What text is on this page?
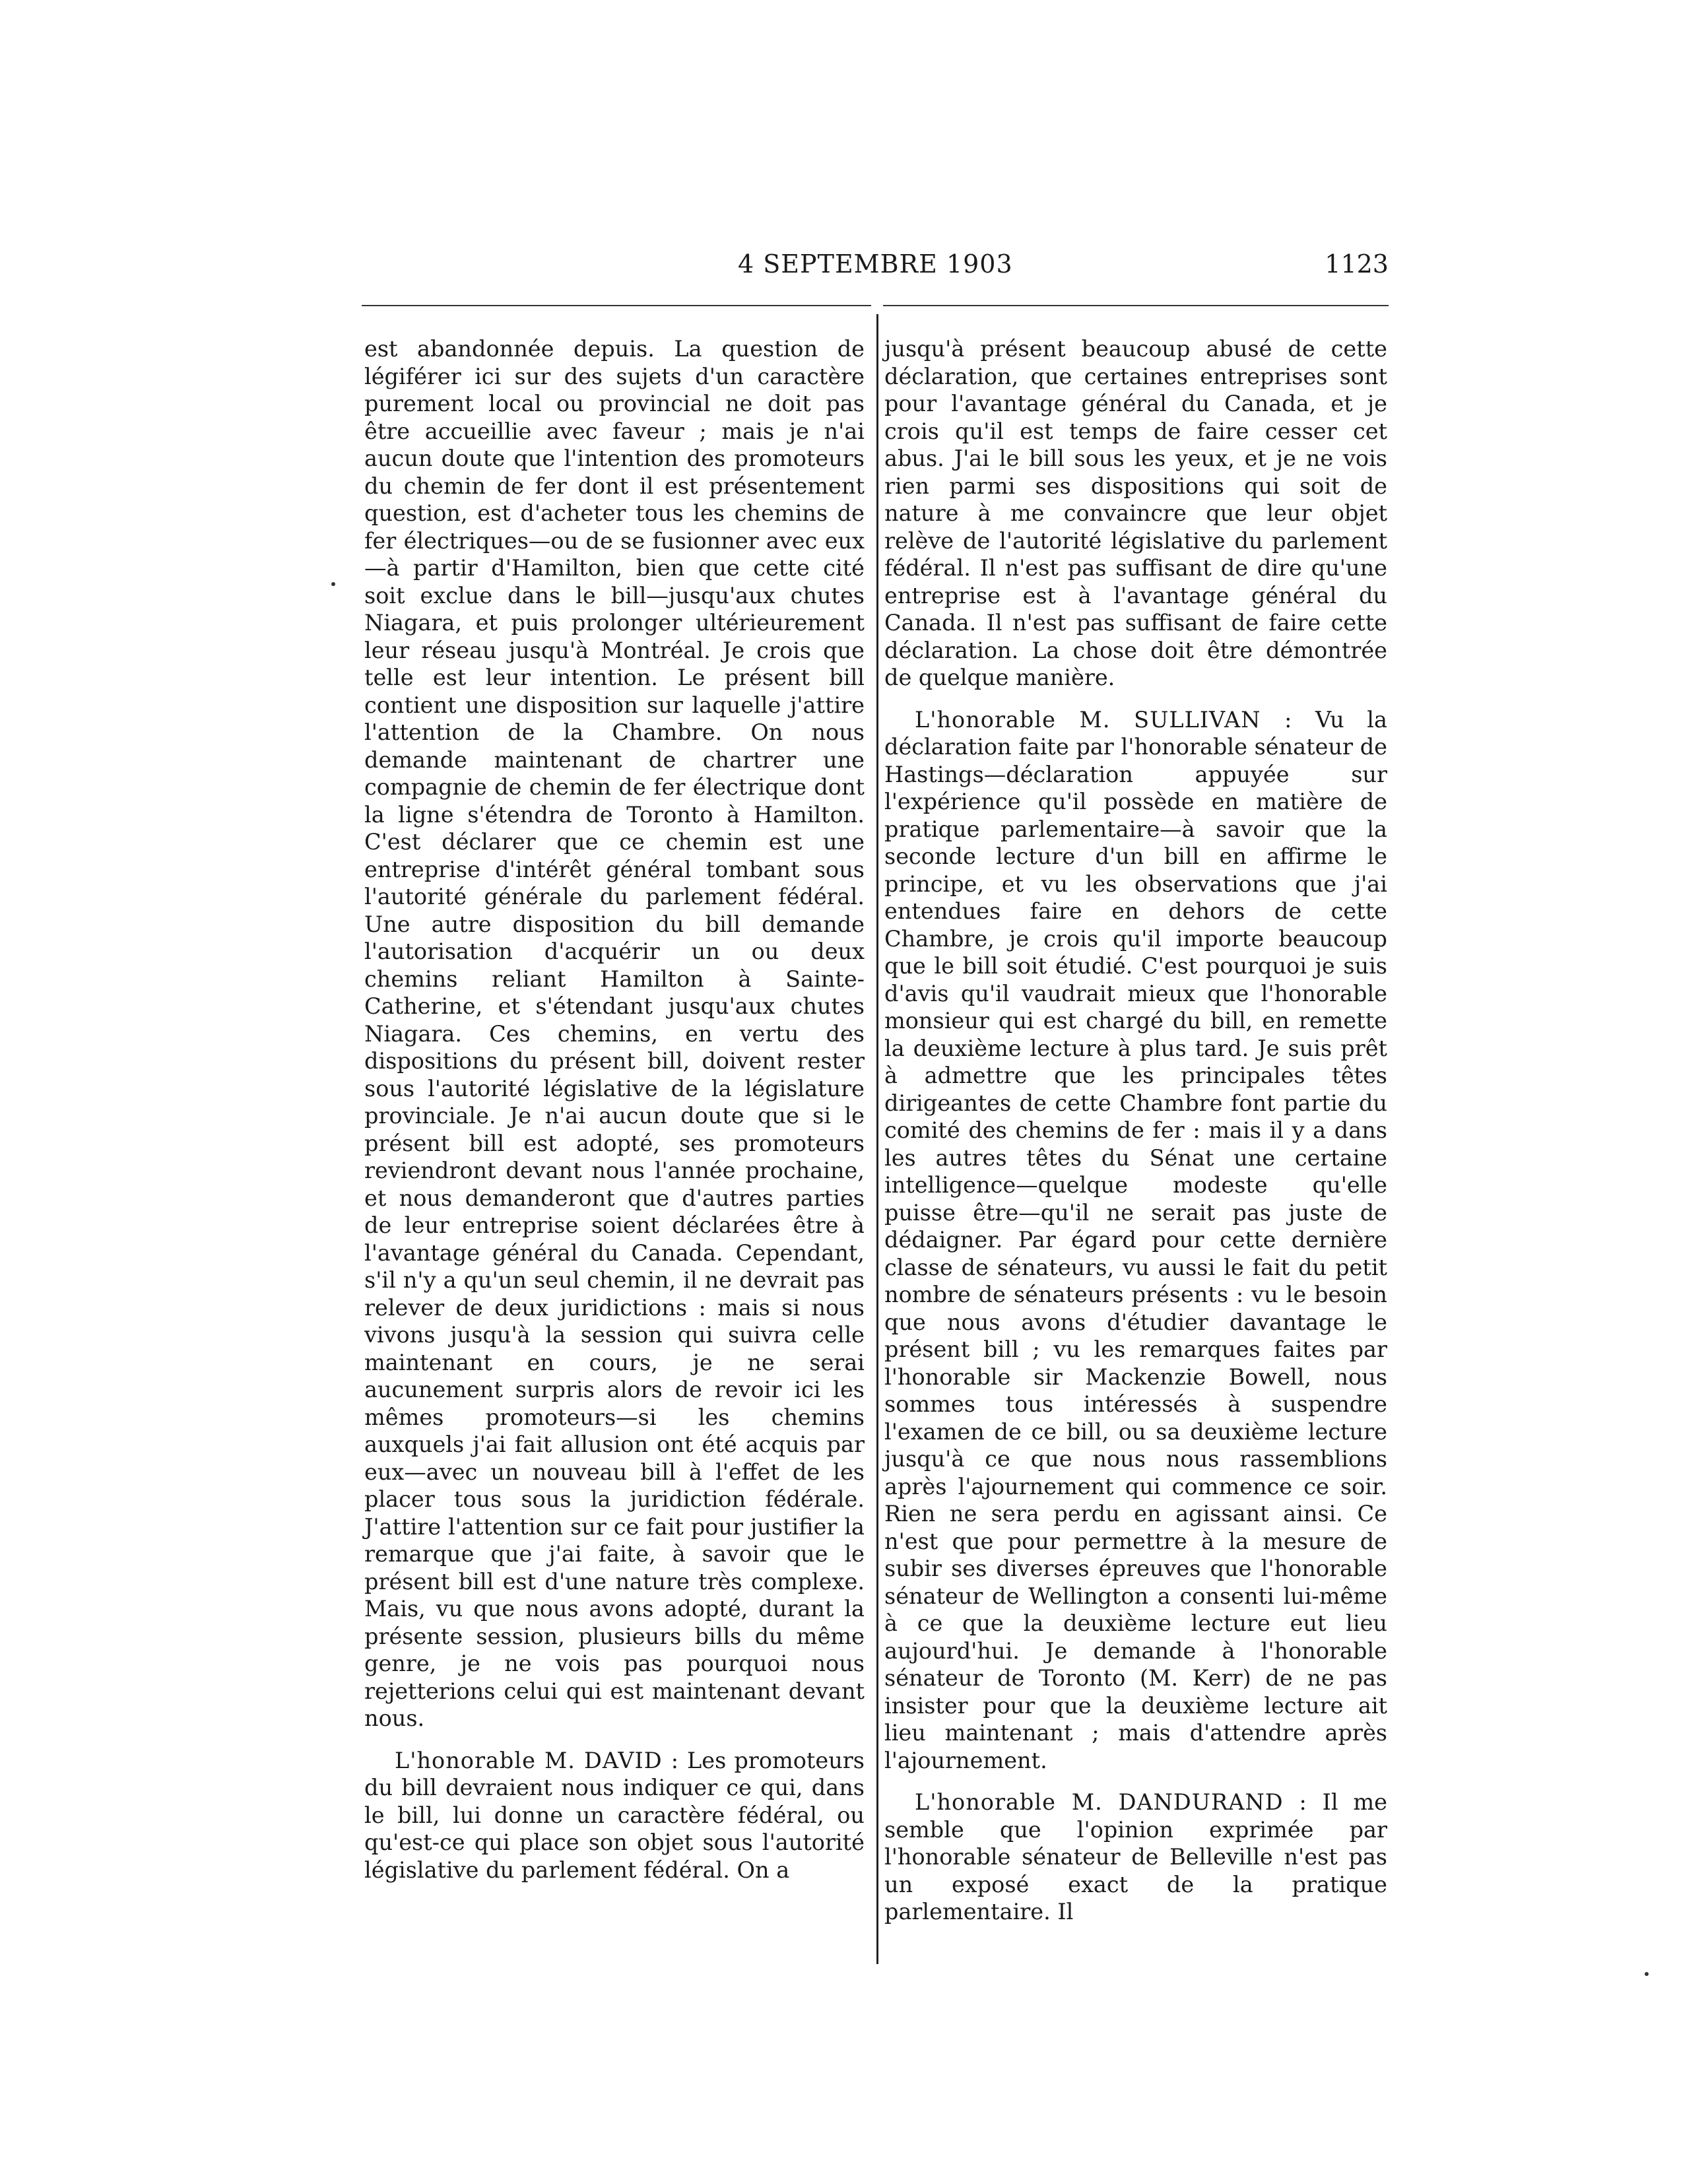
4 SEPTEMBRE 1903	1123

est abandonnée depuis. La question de légiférer ici sur des sujets d'un caractère purement local ou provincial ne doit pas être accueillie avec faveur ; mais je n'ai aucun doute que l'intention des promoteurs du chemin de fer dont il est présentement question, est d'acheter tous les chemins de fer électriques—ou de se fusionner avec eux—à partir d'Hamilton, bien que cette cité soit exclue dans le bill—jusqu'aux chutes Niagara, et puis prolonger ultérieurement leur réseau jusqu'à Montréal. Je crois que telle est leur intention. Le présent bill contient une disposition sur laquelle j'attire l'attention de la Chambre. On nous demande maintenant de chartrer une compagnie de chemin de fer électrique dont la ligne s'étendra de Toronto à Hamilton. C'est déclarer que ce chemin est une entreprise d'intérêt général tombant sous l'autorité générale du parlement fédéral. Une autre disposition du bill demande l'autorisation d'acquérir un ou deux chemins reliant Hamilton à Sainte-Catherine, et s'étendant jusqu'aux chutes Niagara. Ces chemins, en vertu des dispositions du présent bill, doivent rester sous l'autorité législative de la législature provinciale. Je n'ai aucun doute que si le présent bill est adopté, ses promoteurs reviendront devant nous l'année prochaine, et nous demanderont que d'autres parties de leur entreprise soient déclarées être à l'avantage général du Canada. Cependant, s'il n'y a qu'un seul chemin, il ne devrait pas relever de deux juridictions : mais si nous vivons jusqu'à la session qui suivra celle maintenant en cours, je ne serai aucunement surpris alors de revoir ici les mêmes promoteurs—si les chemins auxquels j'ai fait allusion ont été acquis par eux—avec un nouveau bill à l'effet de les placer tous sous la juridiction fédérale. J'attire l'attention sur ce fait pour justifier la remarque que j'ai faite, à savoir que le présent bill est d'une nature très complexe. Mais, vu que nous avons adopté, durant la présente session, plusieurs bills du même genre, je ne vois pas pourquoi nous rejetterions celui qui est maintenant devant nous.

L'honorable M. DAVID : Les promoteurs du bill devraient nous indiquer ce qui, dans le bill, lui donne un caractère fédéral, ou qu'est-ce qui place son objet sous l'autorité législative du parlement fédéral. On a

jusqu'à présent beaucoup abusé de cette déclaration, que certaines entreprises sont pour l'avantage général du Canada, et je crois qu'il est temps de faire cesser cet abus. J'ai le bill sous les yeux, et je ne vois rien parmi ses dispositions qui soit de nature à me convaincre que leur objet relève de l'autorité législative du parlement fédéral. Il n'est pas suffisant de dire qu'une entreprise est à l'avantage général du Canada. Il n'est pas suffisant de faire cette déclaration. La chose doit être démontrée de quelque manière.

L'honorable M. SULLIVAN : Vu la déclaration faite par l'honorable sénateur de Hastings—déclaration appuyée sur l'expérience qu'il possède en matière de pratique parlementaire—à savoir que la seconde lecture d'un bill en affirme le principe, et vu les observations que j'ai entendues faire en dehors de cette Chambre, je crois qu'il importe beaucoup que le bill soit étudié. C'est pourquoi je suis d'avis qu'il vaudrait mieux que l'honorable monsieur qui est chargé du bill, en remette la deuxième lecture à plus tard. Je suis prêt à admettre que les principales têtes dirigeantes de cette Chambre font partie du comité des chemins de fer : mais il y a dans les autres têtes du Sénat une certaine intelligence—quelque modeste qu'elle puisse être—qu'il ne serait pas juste de dédaigner. Par égard pour cette dernière classe de sénateurs, vu aussi le fait du petit nombre de sénateurs présents : vu le besoin que nous avons d'étudier davantage le présent bill ; vu les remarques faites par l'honorable sir Mackenzie Bowell, nous sommes tous intéressés à suspendre l'examen de ce bill, ou sa deuxième lecture jusqu'à ce que nous nous rassemblions après l'ajournement qui commence ce soir. Rien ne sera perdu en agissant ainsi. Ce n'est que pour permettre à la mesure de subir ses diverses épreuves que l'honorable sénateur de Wellington a consenti lui-même à ce que la deuxième lecture eut lieu aujourd'hui. Je demande à l'honorable sénateur de Toronto (M. Kerr) de ne pas insister pour que la deuxième lecture ait lieu maintenant ; mais d'attendre après l'ajournement.

L'honorable M. DANDURAND : Il me semble que l'opinion exprimée par l'honorable sénateur de Belleville n'est pas un exposé exact de la pratique parlementaire. Il
